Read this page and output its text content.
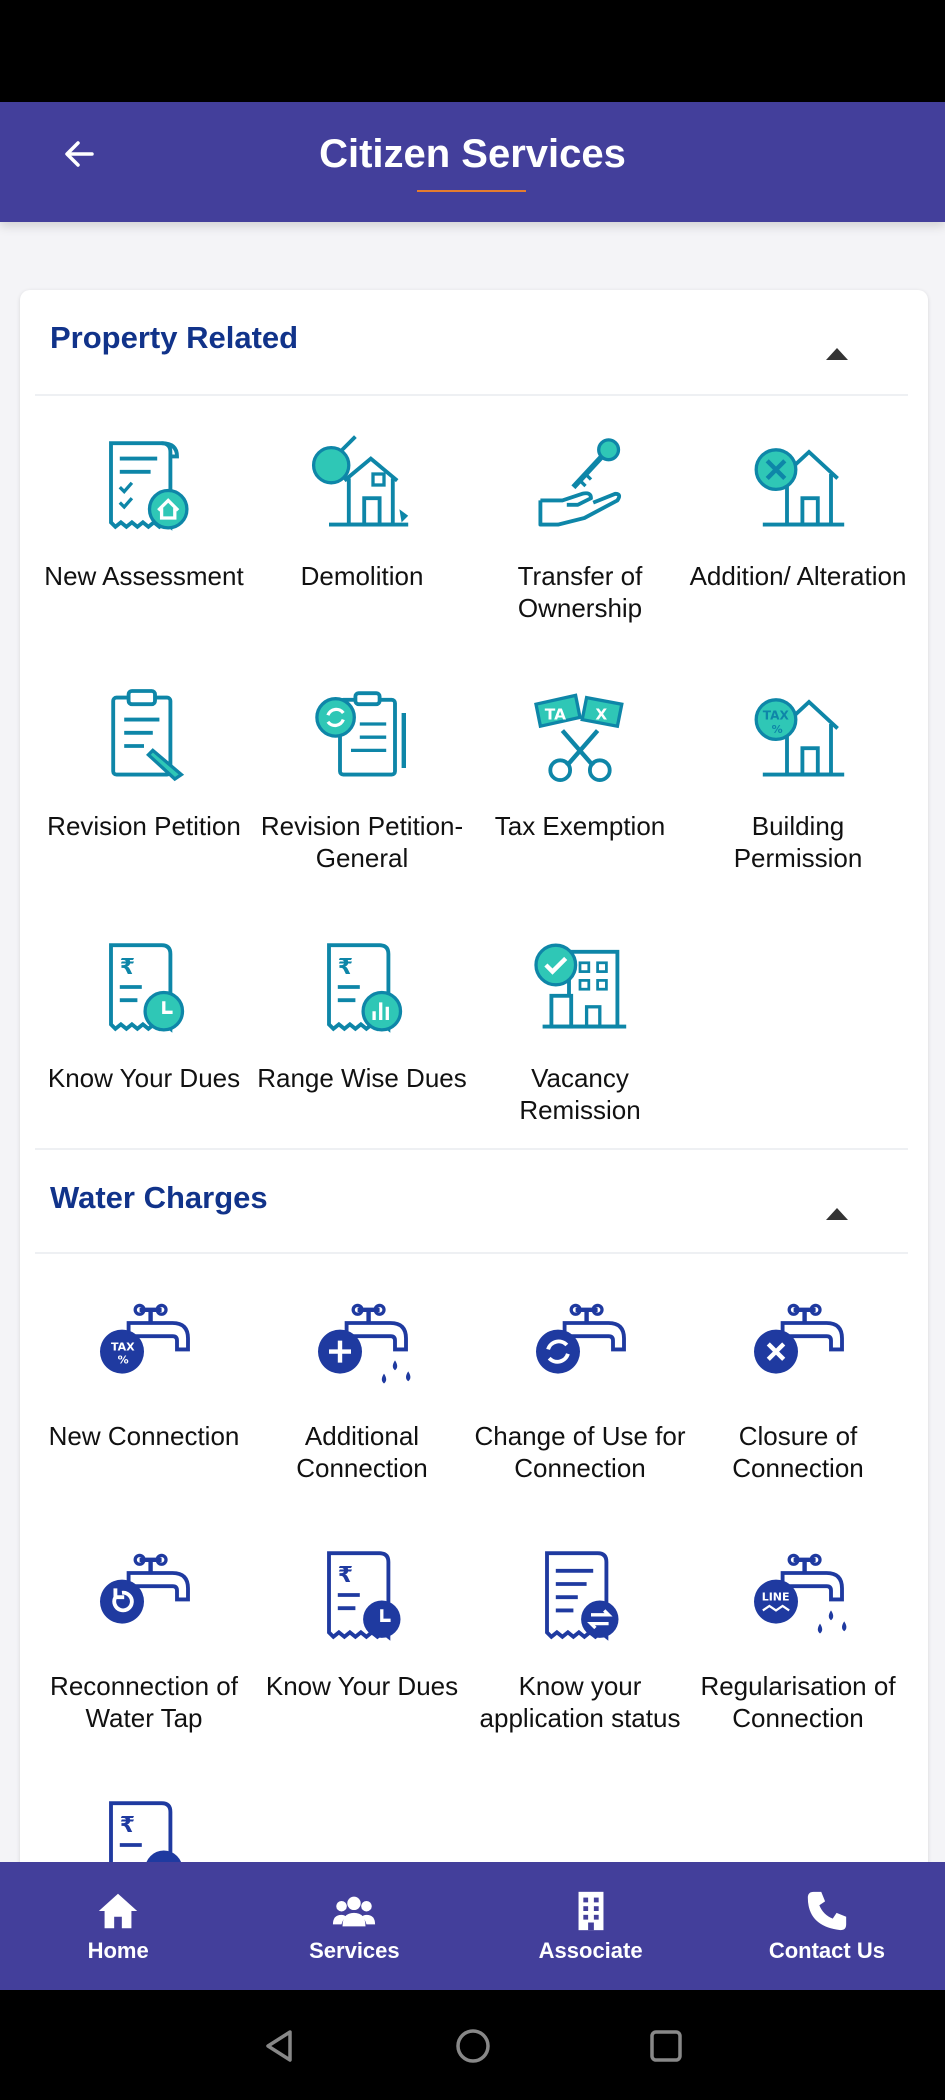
Citizen Services
Property Related
New Assessment	Demolition	Transfer of Ownership
Addition/ Alteration
Revision Petition Revision Petition- General
TA X
Tax Exemption
TAX
%
Building Permission
₹
Know Your Dues
₹
Range Wise Dues	Vacancy Remission
Water Charges
TAX
%
New Connection	Additional Connection
Change of Use for Connection
Closure of Connection
Reconnection of Water Tap
₹
Know Your Dues	Know your application status
LINE
Regularisation of Connection
₹
Home	Services	Associate	Contact Us
